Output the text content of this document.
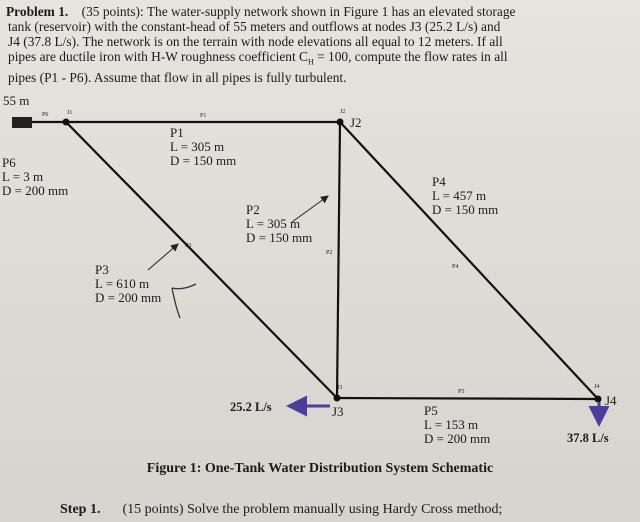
Problem 1. (35 points): The water-supply network shown in Figure 1 has an elevated storage

tank (reservoir) with the constant-head of 55 meters and outflows at nodes J3 (25.2 L/s) and

J4 (37.8 L/s). The network is on the terrain with node elevations all equal to 12 meters. If all

pipes are ductile iron with H-W roughness coefficient $C_H = 100$, compute the flow rates in all

pipes (P1 - P6). Assume that flow in all pipes is fully turbulent.

55 m
P6	J1	P1
J2
J2
P3
P2
P4
J3
P5
J4
J3
J4
P1
L = 305 m
D = 150 mm
P6
L = 3 m
D = 200 mm
P2
L = 305 m
D = 150 mm
P4
L = 457 m
D = 150 mm
P3
L = 610 m
D = 200 mm
P5
L = 153 m
D = 200 mm
25.2 L/s
37.8 L/s
Figure 1: One-Tank Water Distribution System Schematic
Step 1. (15 points) Solve the problem manually using Hardy Cross method;
